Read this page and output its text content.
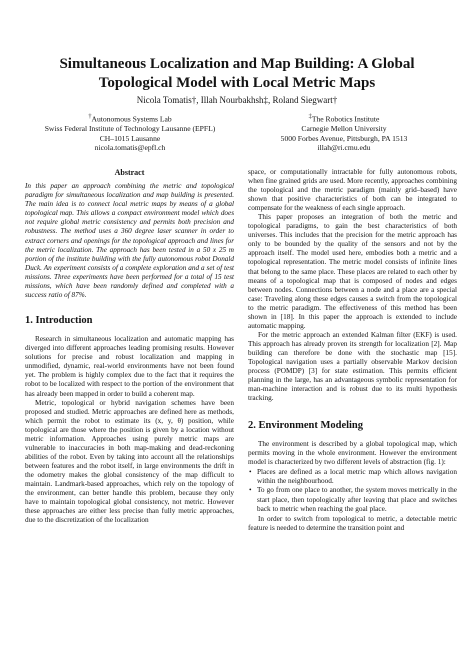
Simultaneous Localization and Map Building: A Global Topological Model with Local Metric Maps
Nicola Tomatis†, Illah Nourbakhsh‡, Roland Siegwart†
†Autonomous Systems Lab
Swiss Federal Institute of Technology Lausanne (EPFL)
CH–1015 Lausanne
nicola.tomatis@epfl.ch
‡The Robotics Institute
Carnegie Mellon University
5000 Forbes Avenue, Pittsburgh, PA 1513
illah@ri.cmu.edu
Abstract

In this paper an approach combining the metric and topological paradigm for simultaneous localization and map building is presented. The main idea is to connect local metric maps by means of a global topological map. This allows a compact environment model which does not require global metric consistency and permits both precision and robustness. The method uses a 360 degree laser scanner in order to extract corners and openings for the topological approach and lines for the metric localization. The approach has been tested in a 50 x 25 m portion of the institute building with the fully autonomous robot Donald Duck. An experiment consists of a complete exploration and a set of test missions. Three experiments have been performed for a total of 15 test missions, which have been randomly defined and completed with a success ratio of 87%.

1. Introduction

Research in simultaneous localization and automatic mapping has diverged into different approaches leading promising results. However solutions for precise and robust localization and mapping in unmodified, dynamic, real-world environments have not been found yet. The problem is highly complex due to the fact that it requires the robot to be localized with respect to the portion of the environment that has already been mapped in order to build a coherent map.

Metric, topological or hybrid navigation schemes have been proposed and studied. Metric approaches are defined here as methods, which permit the robot to estimate its (x, y, θ) position, while topological are those where the position is given by a location without metric information. Approaches using purely metric maps are vulnerable to inaccuracies in both map-making and dead-reckoning abilities of the robot. Even by taking into account all the relationships between features and the robot itself, in large environments the drift in the odometry makes the global consistency of the map difficult to maintain. Landmark-based approaches, which rely on the topology of the environment, can better handle this problem, because they only have to maintain topological global consistency, not metric. However these approaches are either less precise than fully metric approaches, due to the discretization of the localization

space, or computationally intractable for fully autonomous robots, when fine grained grids are used. More recently, approaches combining the topological and the metric paradigm (mainly grid–based) have shown that positive characteristics of both can be integrated to compensate for the weakness of each single approach.

This paper proposes an integration of both the metric and topological paradigms, to gain the best characteristics of both universes. This includes that the precision for the metric approach has only to be bounded by the quality of the sensors and not by the approach itself. The model used here, embodies both a metric and a topological representation. The metric model consists of infinite lines that belong to the same place. These places are related to each other by means of a topological map that is composed of nodes and edges between nodes. Connections between a node and a place are a special case: Traveling along these edges causes a switch from the topological to the metric paradigm. The effectiveness of this method has been shown in [18]. In this paper the approach is extended to include automatic mapping.

For the metric approach an extended Kalman filter (EKF) is used. This approach has already proven its strength for localization [2]. Map building can therefore be done with the stochastic map [15]. Topological navigation uses a partially observable Markov decision process (POMDP) [3] for state estimation. This permits efficient planning in the large, has an advantageous symbolic representation for man-machine interaction and is robust due to its multi hypothesis tracking.

2. Environment Modeling

The environment is described by a global topological map, which permits moving in the whole environment. However the environment model is characterized by two different levels of abstraction (fig. 1):

• Places are defined as a local metric map which allows navigation within the neighbourhood.
• To go from one place to another, the system moves metrically in the start place, then topologically after leaving that place and switches back to metric when reaching the goal place.

In order to switch from topological to metric, a detectable metric feature is needed to determine the transition point and
